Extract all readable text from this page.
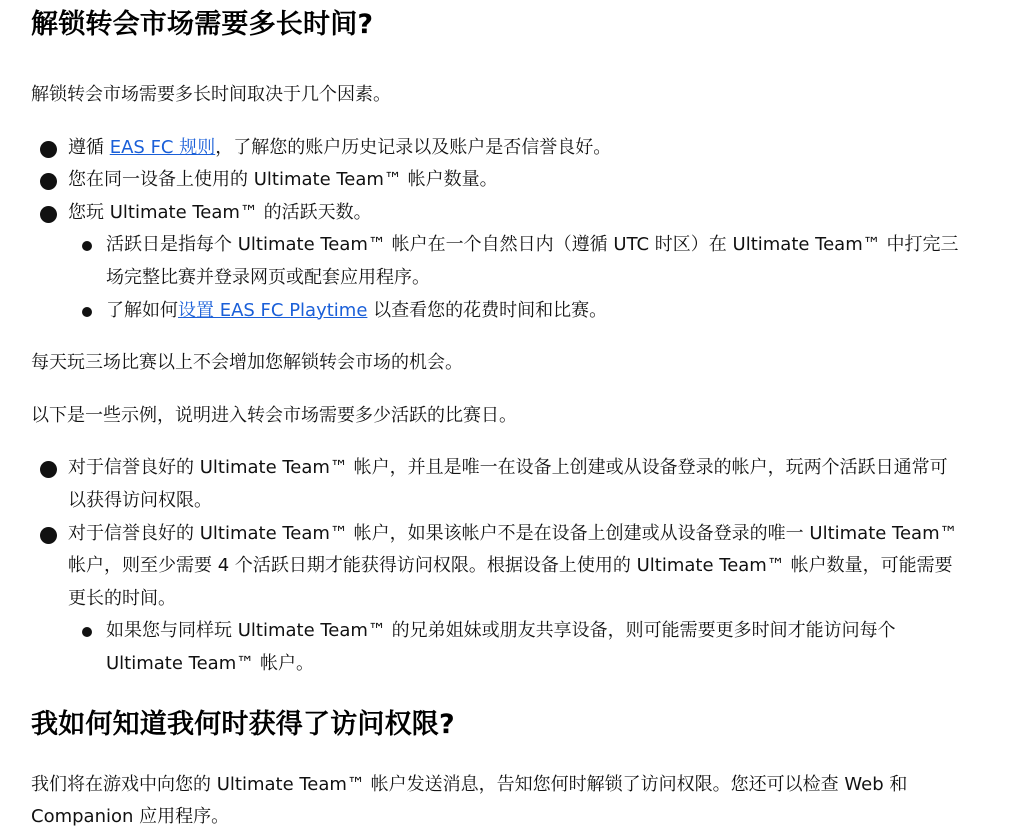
解锁转会市场需要多长时间?

解锁转会市场需要多长时间取决于几个因素。

遵循 EAS FC 规则，了解您的账户历史记录以及账户是否信誉良好。
您在同一设备上使用的 Ultimate Team™ 帐户数量。
您玩 Ultimate Team™ 的活跃天数。
活跃日是指每个 Ultimate Team™ 帐户在一个自然日内（遵循 UTC 时区）在 Ultimate Team™ 中打完三场完整比赛并登录网页或配套应用程序。
了解如何设置 EAS FC Playtime 以查看您的花费时间和比赛。

每天玩三场比赛以上不会增加您解锁转会市场的机会。

以下是一些示例，说明进入转会市场需要多少活跃的比赛日。

对于信誉良好的 Ultimate Team™ 帐户，并且是唯一在设备上创建或从设备登录的帐户，玩两个活跃日通常可以获得访问权限。
对于信誉良好的 Ultimate Team™ 帐户，如果该帐户不是在设备上创建或从设备登录的唯一 Ultimate Team™ 帐户，则至少需要 4 个活跃日期才能获得访问权限。根据设备上使用的 Ultimate Team™ 帐户数量，可能需要更长的时间。
如果您与同样玩 Ultimate Team™ 的兄弟姐妹或朋友共享设备，则可能需要更多时间才能访问每个 Ultimate Team™ 帐户。
我如何知道我何时获得了访问权限?

我们将在游戏中向您的 Ultimate Team™ 帐户发送消息，告知您何时解锁了访问权限。您还可以检查 Web 和 Companion 应用程序。
